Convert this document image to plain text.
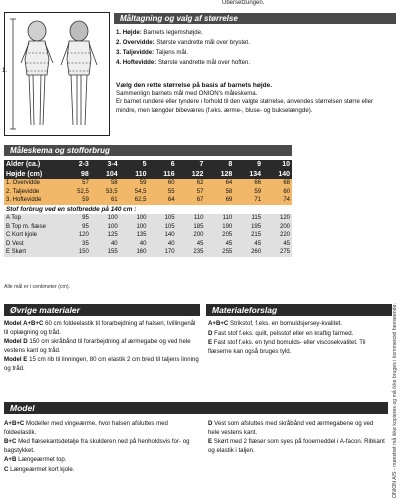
Übersetzungen.
1.
Måltagning og valg af størrelse
1. Højde: Barnets legemshøjde.
2. Overvidde: Største vandrette mål over brystet.
3. Taljevidde: Taljens mål.
4. Hoftevidde: Største vandrette mål over hoften.
Vælg den rette størrelse på basis af barnets højde.
Sammenlign barnets mål med ONION's måleskema.
Er barnet rundere eller tyndere i forhold til den valgte størrelse, anvendes størrelsen større eller mindre, men længder bibeværes (f.eks. ærme-, bluse- og bukselængde).
Måleskema og stofforbrug
Alder (ca.)	2-3	3-4	5	6	7	8	9	10
Højde (cm)	98	104	110	116	122	128	134	140
1. Overvidde	57	58	59	60	62	64	66	68
2. Taljevidde	52,5	53,5	54,5	55	57	58	59	60
3. Hoftevidde	59	61	62,5	64	67	69	71	74
Stof forbrug ved en stofbredde på 140 cm :								
A Top	95	100	100	105	110	110	115	120
B Top m. flæse	95	100	100	105	185	190	195	200
C Kort kjole	120	125	135	140	200	205	215	220
D Vest	35	40	40	40	45	45	45	45
E Skørt	150	155	160	170	235	255	260	275
Alle mål er i centimeter (cm).
Øvrige materialer

Model A+B+C 60 cm foldeelastik til forarbejdning af halsen, tvillingenål til oplægning og tråd.

Model D 150 cm skråbånd til forarbejdning af ærmegabe og ved hele vestens kant og tråd.

Model E 15 cm rib til linningen, 80 cm elastik 2 cm bred til taljens linning og tråd.

Materialeforslag

A+B+C Strikstof, f.eks. en bomuldsjersey-kvalitet.

D Fast stof f.eks. quilt, pelsstof eller en kraftig farmed.

E Fast stof f.eks. en tynd bomulds- eller viscosekvalitet. Til flæserne kan også bruges tyld.

Model

A+B+C Modeller med vingeærme, hvor halsen afsluttes med foldeelastik.

B+C Med flæsekantsdetalje fra skulderen ned på henholdsvis for- og bagstykket.

A+B Længeærmet top.

C Længeærmet kort kjole.

D Vest som afsluttes med skråbånd ved ærmegabene og ved hele vestens kant.

E Skørt med 2 flæser som syes på fooerneddel i A-facon. Ribkant og elastik i taljen.	ONION A/S - mønstret må ikke kopieres og må ikke bruges i kommerciel henseende.
